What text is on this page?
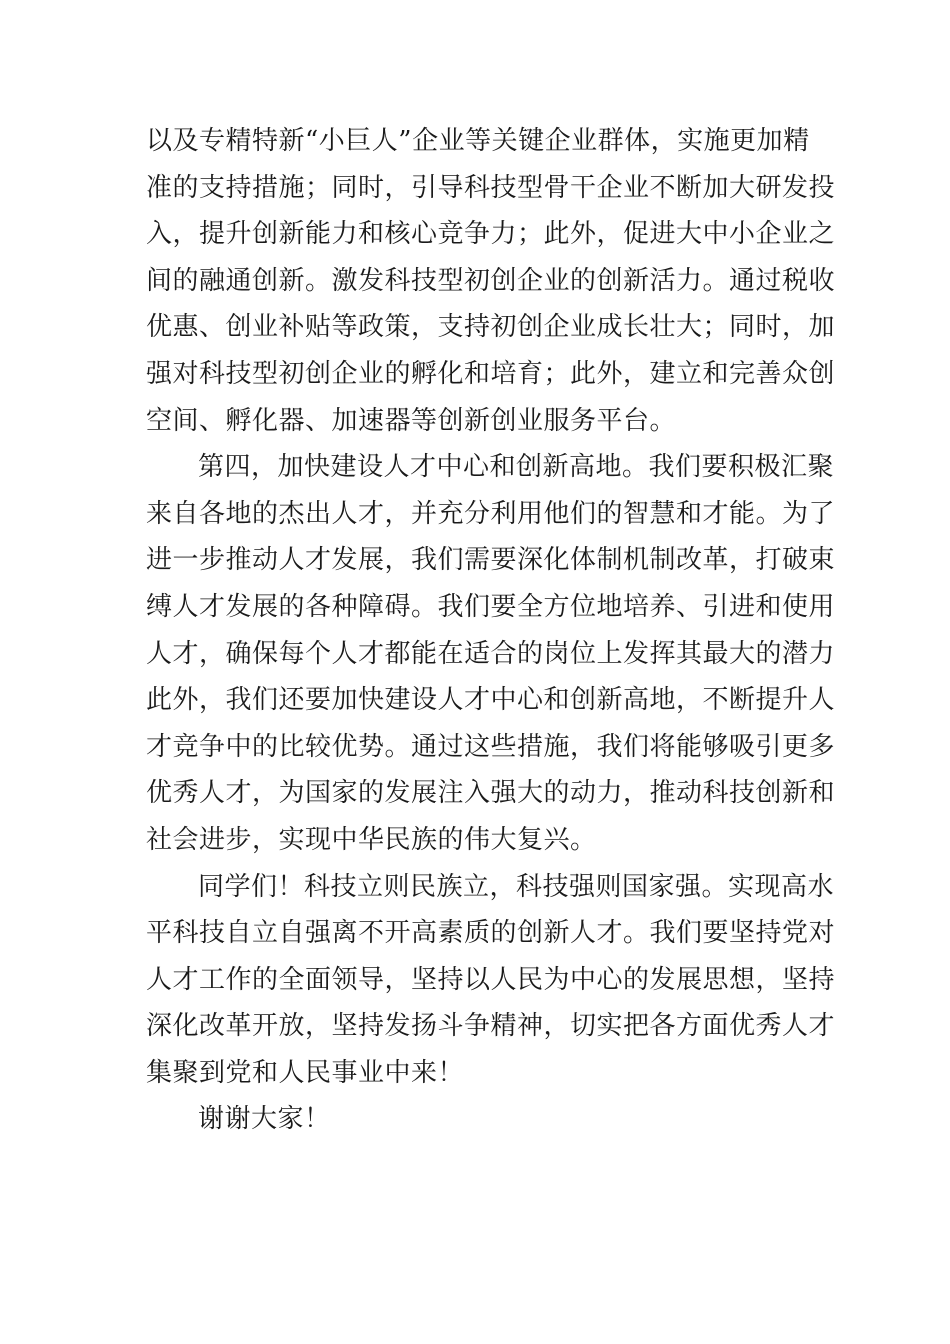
以及专精特新“小巨人”企业等关键企业群体，实施更加精
准的支持措施；同时，引导科技型骨干企业不断加大研发投
入，提升创新能力和核心竞争力；此外，促进大中小企业之
间的融通创新。激发科技型初创企业的创新活力。通过税收
优惠、创业补贴等政策，支持初创企业成长壮大；同时，加
强对科技型初创企业的孵化和培育；此外，建立和完善众创
空间、孵化器、加速器等创新创业服务平台。
第四，加快建设人才中心和创新高地。我们要积极汇聚
来自各地的杰出人才，并充分利用他们的智慧和才能。为了
进一步推动人才发展，我们需要深化体制机制改革，打破束
缚人才发展的各种障碍。我们要全方位地培养、引进和使用
人才，确保每个人才都能在适合的岗位上发挥其最大的潜力
此外，我们还要加快建设人才中心和创新高地，不断提升人
才竞争中的比较优势。通过这些措施，我们将能够吸引更多
优秀人才，为国家的发展注入强大的动力，推动科技创新和
社会进步，实现中华民族的伟大复兴。
同学们！科技立则民族立，科技强则国家强。实现高水
平科技自立自强离不开高素质的创新人才。我们要坚持党对
人才工作的全面领导，坚持以人民为中心的发展思想，坚持
深化改革开放，坚持发扬斗争精神，切实把各方面优秀人才
集聚到党和人民事业中来！
谢谢大家！
